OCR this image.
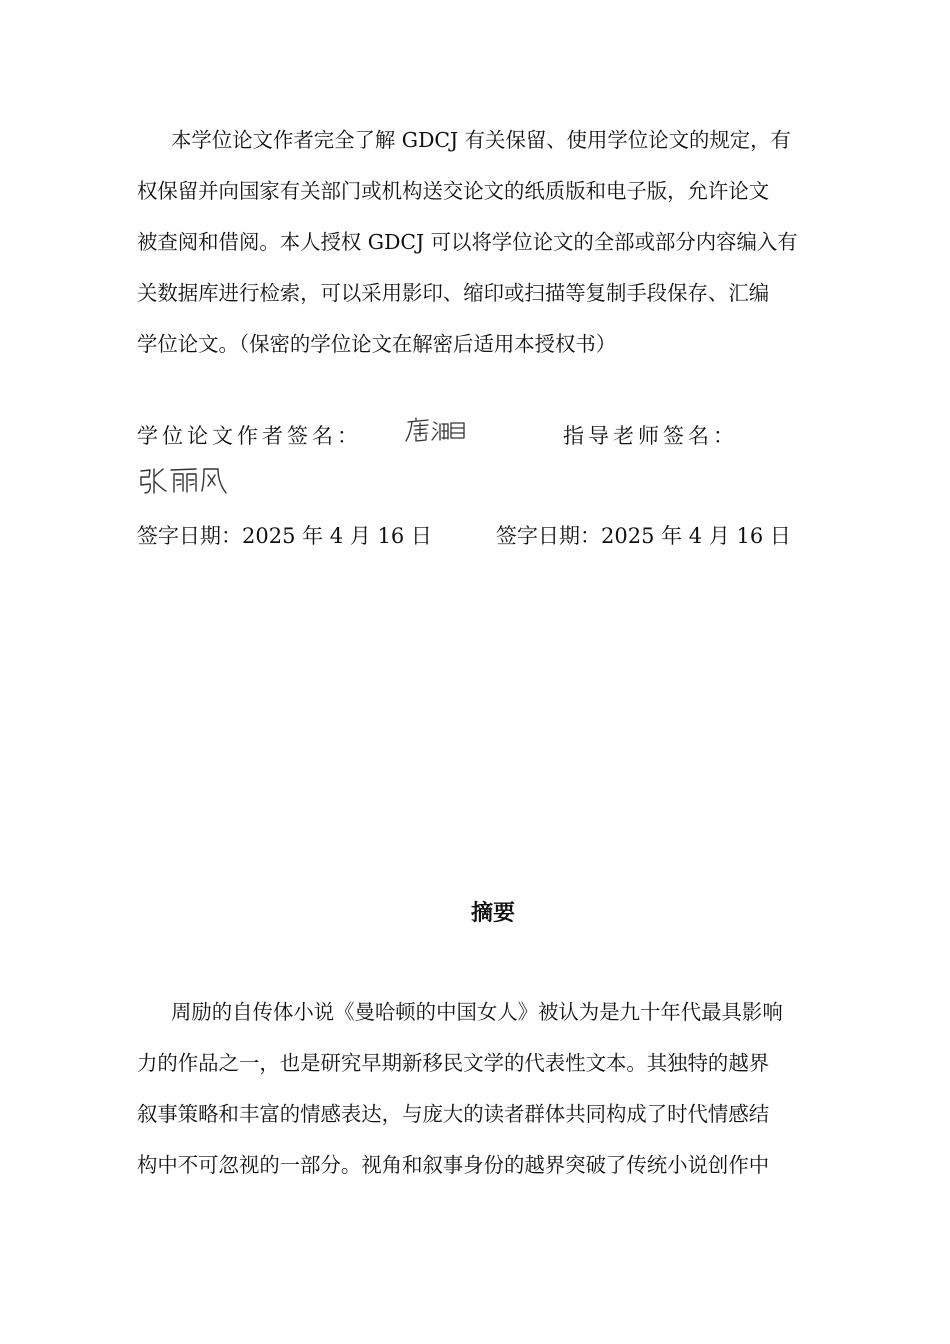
本学位论文作者完全了解 GDCJ 有关保留、使用学位论文的规定，有
权保留并向国家有关部门或机构送交论文的纸质版和电子版，允许论文
被查阅和借阅。本人授权 GDCJ 可以将学位论文的全部或部分内容编入有
关数据库进行检索，可以采用影印、缩印或扫描等复制手段保存、汇编
学位论文。（保密的学位论文在解密后适用本授权书）
学位论文作者签名：	指导老师签名：
签字日期：2025 年 4 月 16 日	签字日期：2025 年 4 月 16 日
摘要
周励的自传体小说《曼哈顿的中国女人》被认为是九十年代最具影响
力的作品之一，也是研究早期新移民文学的代表性文本。其独特的越界
叙事策略和丰富的情感表达，与庞大的读者群体共同构成了时代情感结
构中不可忽视的一部分。视角和叙事身份的越界突破了传统小说创作中
